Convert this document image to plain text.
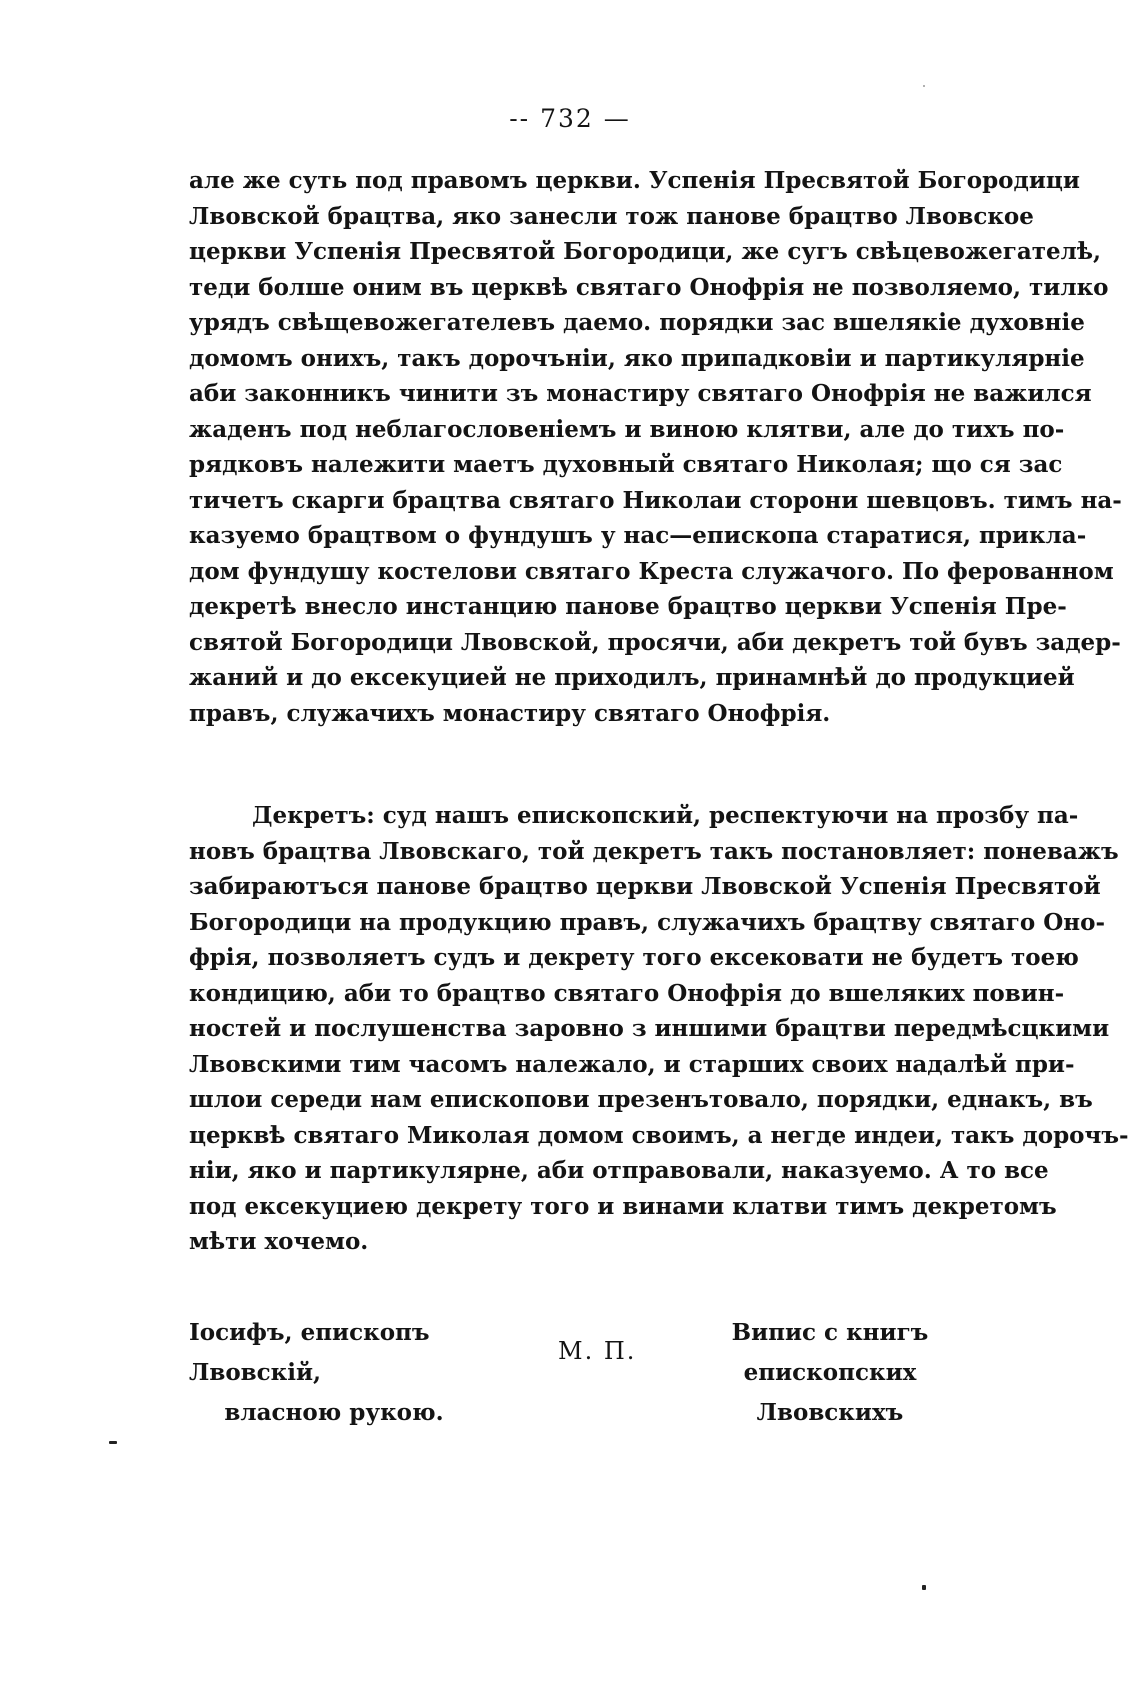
-- 732 —
але же суть под правомъ церкви. Успенія Пресвятой Богородици
Лвовской брацтва, яко занесли тож панове брацтво Лвовское
церкви Успенія Пресвятой Богородици, же сугъ свѣцевожегателѣ,
теди болше оним въ церквѣ святаго Онофрія не позволяемо, тилко
урядъ свѣщевожегателевъ даемо. порядки зас вшелякіе духовніе
домомъ онихъ, такъ дорочъніи, яко припадковіи и партикулярніе
аби законникъ чинити зъ монастиру святаго Онофрія не важился
жаденъ под неблагословеніемъ и виною клятви, але до тихъ по-
рядковъ належити маетъ духовный святаго Николая; що ся зас
тичетъ скарги брацтва святаго Николаи сторони шевцовъ. тимъ на-
казуемо брацтвом о фундушъ у нас—епископа старатися, прикла-
дом фундушу костелови святаго Креста служачого. По ферованном
декретѣ внесло инстанцию панове брацтво церкви Успенія Пре-
святой Богородици Лвовской, просячи, аби декретъ той бувъ задер-
жаний и до ексекуцией не приходилъ, принамнѣй до продукцией
правъ, служачихъ монастиру святаго Онофрія.
Декретъ: суд нашъ епископский, респектуючи на прозбу па-
новъ брацтва Лвовскаго, той декретъ такъ постановляет: поневажъ
забираютъся панове брацтво церкви Лвовской Успенія Пресвятой
Богородици на продукцию правъ, служачихъ брацтву святаго Оно-
фрія, позволяетъ судъ и декрету того ексековати не будетъ тоею
кондицию, аби то брацтво святаго Онофрія до вшеляких повин-
ностей и послушенства заровно з иншими брацтви передмѣсцкими
Лвовскими тим часомъ належало, и старших своих надалѣй при-
шлои середи нам епископови презенътовало, порядки, еднакъ, въ
церквѣ святаго Миколая домом своимъ, а негде индеи, такъ дорочъ-
ніи, яко и партикулярне, аби отправовали, наказуемо. А то все
под ексекуциею декрету того и винами клатви тимъ декретомъ
мѣти хочемо.
Іосифъ, епископъ Лвовскій,
власною рукою.
М. П.
Випис с книгъ епископских
Лвовскихъ
